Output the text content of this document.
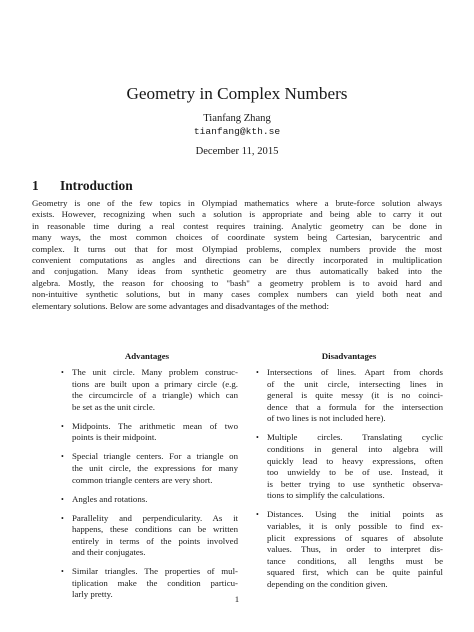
Geometry in Complex Numbers
Tianfang Zhang
tianfang@kth.se
December 11, 2015
1 Introduction
Geometry is one of the few topics in Olympiad mathematics where a brute-force solution always
exists. However, recognizing when such a solution is appropriate and being able to carry it out
in reasonable time during a real contest requires training. Analytic geometry can be done in
many ways, the most common choices of coordinate system being Cartesian, barycentric and
complex. It turns out that for most Olympiad problems, complex numbers provide the most
convenient computations as angles and directions can be directly incorporated in multiplication
and conjugation. Many ideas from synthetic geometry are thus automatically baked into the
algebra. Mostly, the reason for choosing to "bash" a geometry problem is to avoid hard and
non-intuitive synthetic solutions, but in many cases complex numbers can yield both neat and
elementary solutions. Below are some advantages and disadvantages of the method:
Advantages	Disadvantages
• The unit circle. Many problem construc-
tions are built upon a primary circle (e.g.
the circumcircle of a triangle) which can
be set as the unit circle.
• Midpoints. The arithmetic mean of two
points is their midpoint.
• Special triangle centers. For a triangle on
the unit circle, the expressions for many
common triangle centers are very short.
• Angles and rotations.
• Parallelity and perpendicularity. As it
happens, these conditions can be written
entirely in terms of the points involved
and their conjugates.
• Similar triangles. The properties of mul-
tiplication make the condition particu-
larly pretty.
• Intersections of lines. Apart from chords
of the unit circle, intersecting lines in
general is quite messy (it is no coinci-
dence that a formula for the intersection
of two lines is not included here).
• Multiple circles. Translating cyclic
conditions in general into algebra will
quickly lead to heavy expressions, often
too unwieldy to be of use. Instead, it
is better trying to use synthetic observa-
tions to simplify the calculations.
• Distances. Using the initial points as
variables, it is only possible to find ex-
plicit expressions of squares of absolute
values. Thus, in order to interpret dis-
tance conditions, all lengths must be
squared first, which can be quite painful
depending on the condition given.
1
